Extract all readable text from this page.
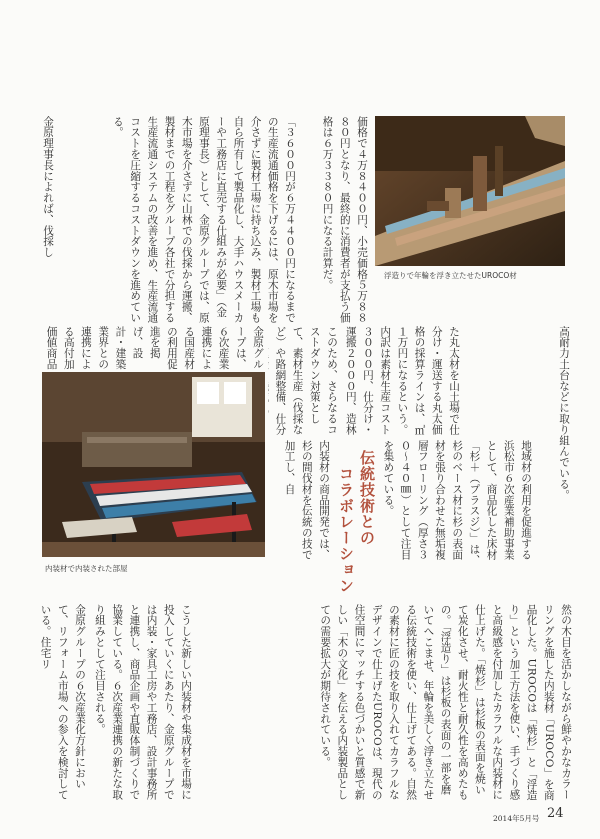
浮造りで年輪を浮き立たせたUROCO材
内装材で内装された部屋
伝統技術との
コラボレーション
価格で４万８４００円、小売価格５万８８８０円となり、最終的に消費者が支払う価格は６万３３８０円になる計算だ。
「３６００円が６万４４００円になるまでの生産流通価格を下げるには、原木市場を介さずに製材工場に持ち込み、製材工場も自ら所有して製品化し、大手ハウスメーカーや工務店に直売する仕組みが必要」（金原理事長）として、金原グループでは、原木市場を介さずに山林での伐採から運搬、製材までの工程をグループ各社で分担する生産流通システムの改善を進め、生産流通コストを圧縮するコストダウンを進めている。
金原理事長によれば、伐採し
た丸太材を山土場で仕分け・運送する丸太価格の採算ラインは、㎥１万円になるという。内訳は素材生産コスト３０００円、仕分け・運搬２０００円、造林
このため、さらなるコストダウン対策として、素材生産（伐採など）や路網整備、仕分
金原グループは、６次産業連携による国産材の利用促進を掲げ、設計・建築業界との連携による高付加価値商品	高耐力土台などに取り組んでいる。
地域材の利用を促進する浜松市６次産業補助事業として、商品化した床材「杉＋（プラスジ）」は、杉のベース材に杉の表面材を張り合わせた無垢複層フローリング（厚さ３０〜４０㎜）として注目を集めている。
内装材の商品開発では、杉の間伐材を伝統の技で加工し、自
然の木目を活かしながら鮮やかなカラーリングを施した内装材「UROCO」を商品化した。UROCOは「焼杉」と「浮造り」という加工方法を使い、手づくり感と高級感を付加したカラフルな内装材に仕上げた。「焼杉」は杉板の表面を焼いて炭化させ、耐火性と耐久性を高めたもの。「浮造り」は杉板の表面の一部を磨いてへこませ、年輪を美しく浮き立たせる伝統技術を使い、仕上げてある。自然の素材に匠の技を取り入れてカラフルなデザインで仕上げたUROCOは、現代の住空間にマッチする色づかいと質感で新しい「木の文化」を伝える内装製品としての需要拡大が期待されている。
こうした新しい内装材や集成材を市場に投入していくにあたり、金原グループでは内装・家具工房や工務店、設計事務所と連携し、商品企画や直販体制づくりで協業している。６次産業連携の新たな取り組みとして注目される。
金原グループの６次産業化方針において、リフォーム市場への参入を検討している。住宅リ
2014年5月号 24
